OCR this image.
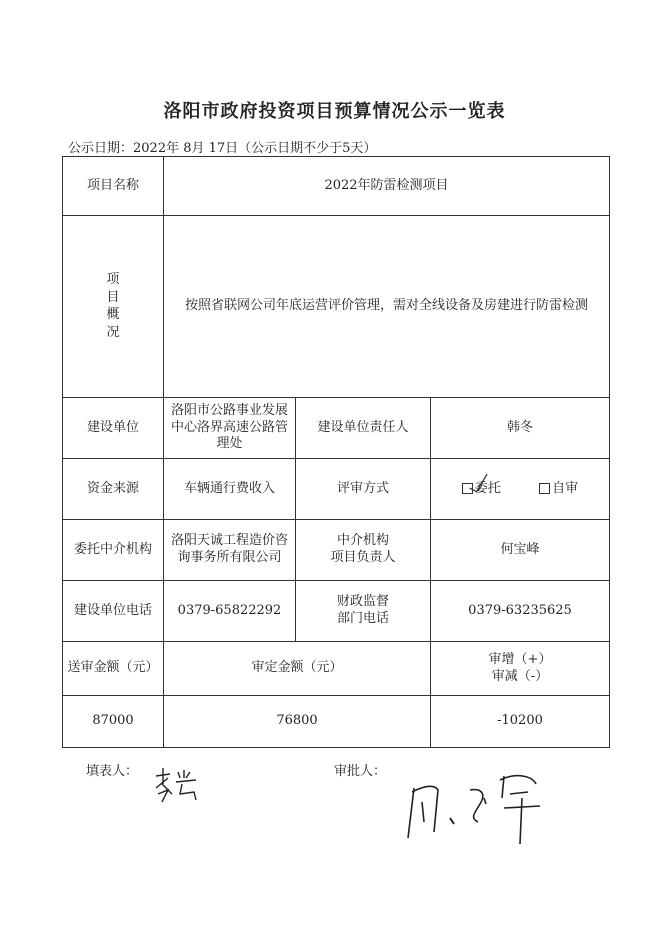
洛阳市政府投资项目预算情况公示一览表
公示日期：2022年 8月 17日（公示日期不少于5天）
项目名称	2022年防雷检测项目		
项
目
概
况	按照省联网公司年底运营评价管理，需对全线设备及房建进行防雷检测		
建设单位	洛阳市公路事业发展中心洛界高速公路管理处	建设单位责任人	韩冬
资金来源	车辆通行费收入	评审方式	委托 自审
委托中介机构	洛阳天诚工程造价咨询事务所有限公司	中介机构
项目负责人	何宝峰
建设单位电话	0379-65822292	财政监督
部门电话	0379-63235625
送审金额（元）	审定金额（元）		审增（+）
审减（-）
87000	76800		-10200
填表人：	审批人：
